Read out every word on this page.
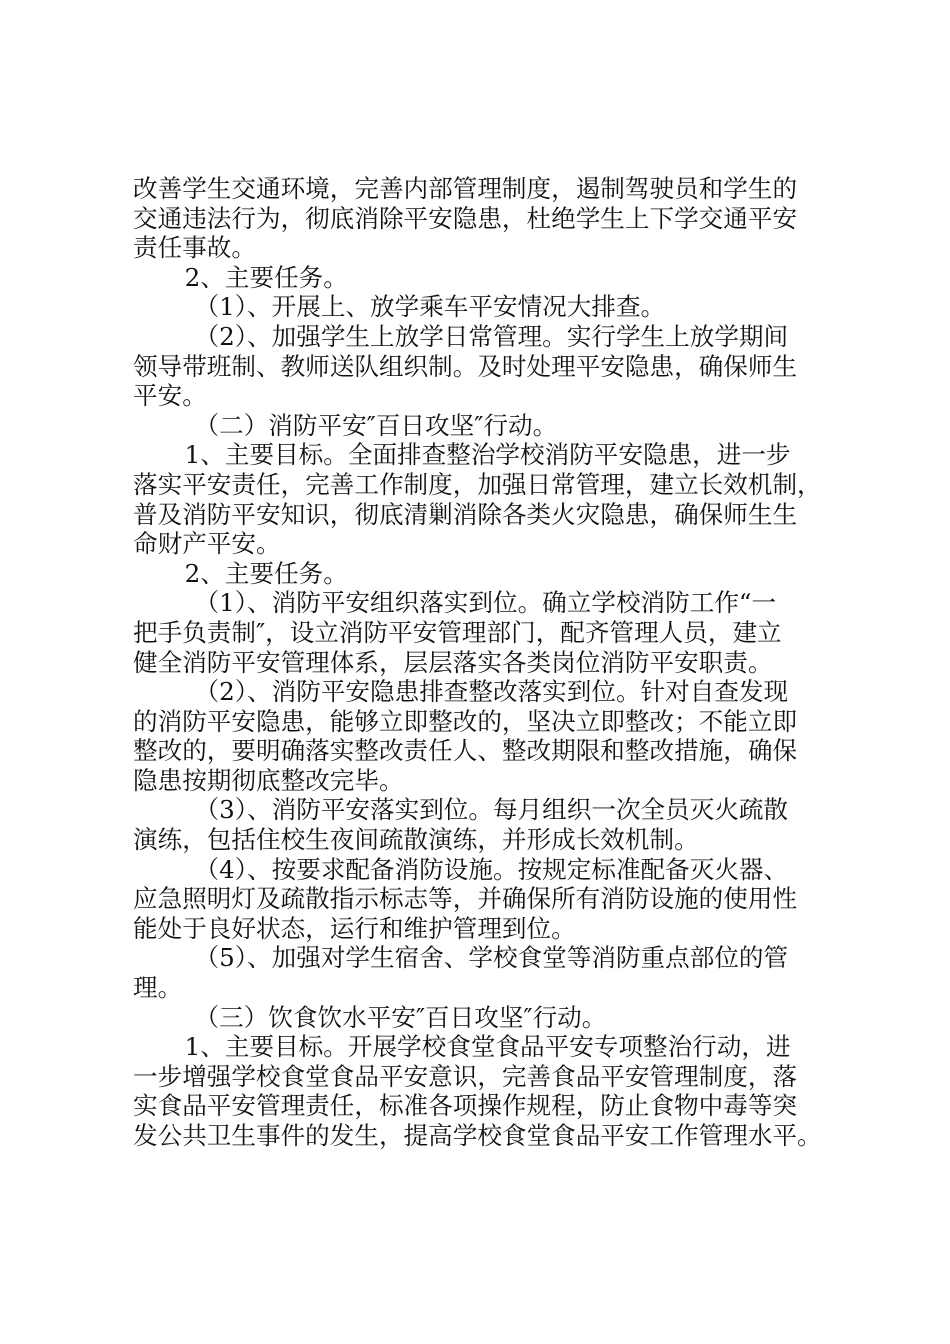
改善学生交通环境，完善内部管理制度，遏制驾驶员和学生的
交通违法行为，彻底消除平安隐患，杜绝学生上下学交通平安
责任事故。

2、主要任务。

（1）、开展上、放学乘车平安情况大排查。

（2）、加强学生上放学日常管理。实行学生上放学期间
领导带班制、教师送队组织制。及时处理平安隐患，确保师生
平安。

（二）消防平安″百日攻坚″行动。

1、主要目标。全面排查整治学校消防平安隐患，进一步
落实平安责任，完善工作制度，加强日常管理，建立长效机制，
普及消防平安知识，彻底清剿消除各类火灾隐患，确保师生生
命财产平安。

2、主要任务。

（1）、消防平安组织落实到位。确立学校消防工作“一
把手负责制″，设立消防平安管理部门，配齐管理人员，建立
健全消防平安管理体系，层层落实各类岗位消防平安职责。

（2）、消防平安隐患排查整改落实到位。针对自查发现
的消防平安隐患，能够立即整改的，坚决立即整改；不能立即
整改的，要明确落实整改责任人、整改期限和整改措施，确保
隐患按期彻底整改完毕。

（3）、消防平安落实到位。每月组织一次全员灭火疏散
演练，包括住校生夜间疏散演练，并形成长效机制。

（4）、按要求配备消防设施。按规定标准配备灭火器、
应急照明灯及疏散指示标志等，并确保所有消防设施的使用性
能处于良好状态，运行和维护管理到位。

（5）、加强对学生宿舍、学校食堂等消防重点部位的管
理。

（三）饮食饮水平安″百日攻坚″行动。

1、主要目标。开展学校食堂食品平安专项整治行动，进
一步增强学校食堂食品平安意识，完善食品平安管理制度，落
实食品平安管理责任，标准各项操作规程，防止食物中毒等突
发公共卫生事件的发生，提高学校食堂食品平安工作管理水平。
